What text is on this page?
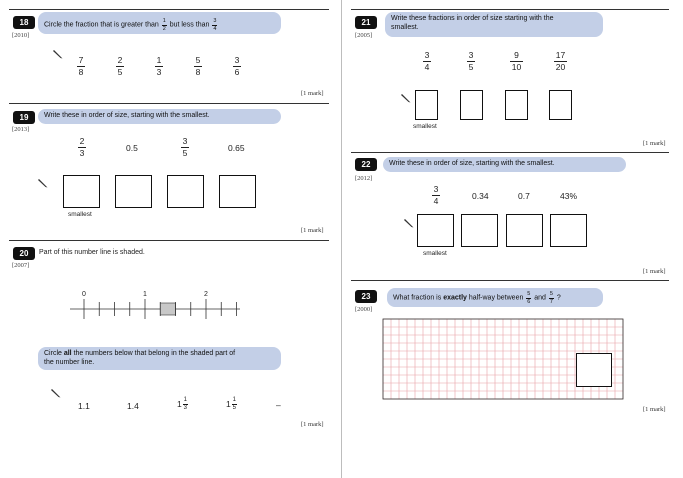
18
[2010]
Circle the fraction that is greater than $\frac{1}{2}$ but less than $\frac{3}{4}$
7
8
2
5
1
3
5
8
3
6
[1 mark]
19
[2013]
Write these in order of size, starting with the smallest.
2
3	0.5
3
5	0.65
smallest
[1 mark]
20
[2007]
Part of this number line is shaded.
0	1	2
Circle all the numbers below that belong in the shaded part of
the number line.
1.1	1.4	1 1
3	1 1
5	–
[1 mark]
21
[2005]
Write these fractions in order of size starting with the
smallest.
3
4
3
5
9
10
17
20
smallest
[1 mark]
22
[2012]
Write these in order of size, starting with the smallest.
3
4	0.34	0.7	43%
smallest
[1 mark]
23
[2000]
What fraction is exactly half-way between $\frac{5}{6}$ and $\frac{5}{7}$ ?
[1 mark]
